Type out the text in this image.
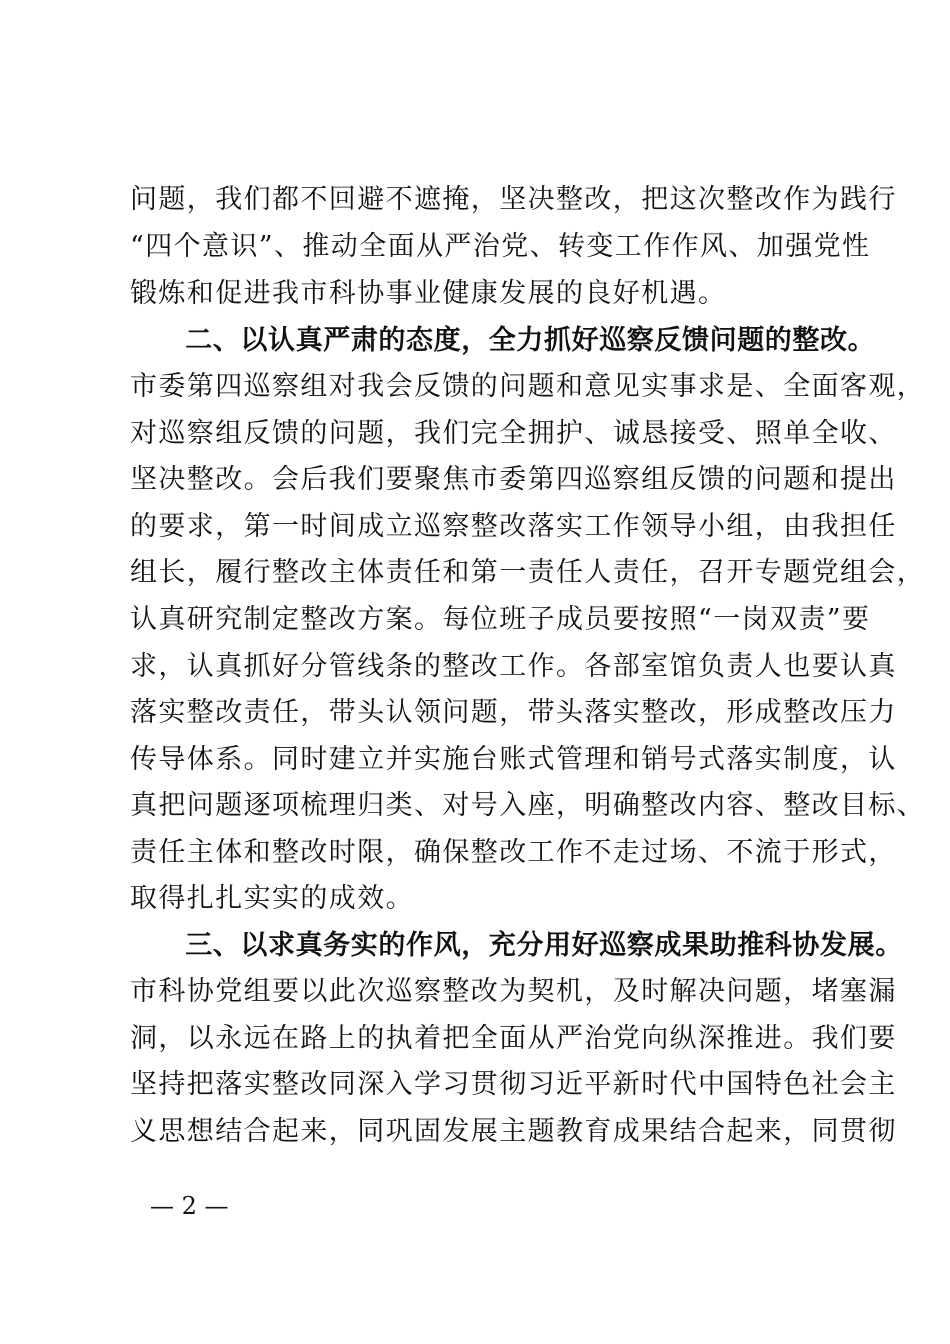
问题，我们都不回避不遮掩，坚决整改，把这次整改作为践行
“四个意识”、推动全面从严治党、转变工作作风、加强党性
锻炼和促进我市科协事业健康发展的良好机遇。
　　二、以认真严肃的态度，全力抓好巡察反馈问题的整改。
市委第四巡察组对我会反馈的问题和意见实事求是、全面客观，
对巡察组反馈的问题，我们完全拥护、诚恳接受、照单全收、
坚决整改。会后我们要聚焦市委第四巡察组反馈的问题和提出
的要求，第一时间成立巡察整改落实工作领导小组，由我担任
组长，履行整改主体责任和第一责任人责任，召开专题党组会，
认真研究制定整改方案。每位班子成员要按照“一岗双责”要
求，认真抓好分管线条的整改工作。各部室馆负责人也要认真
落实整改责任，带头认领问题，带头落实整改，形成整改压力
传导体系。同时建立并实施台账式管理和销号式落实制度，认
真把问题逐项梳理归类、对号入座，明确整改内容、整改目标、
责任主体和整改时限，确保整改工作不走过场、不流于形式，
取得扎扎实实的成效。
　　三、以求真务实的作风，充分用好巡察成果助推科协发展。
市科协党组要以此次巡察整改为契机，及时解决问题，堵塞漏
洞，以永远在路上的执着把全面从严治党向纵深推进。我们要
坚持把落实整改同深入学习贯彻习近平新时代中国特色社会主
义思想结合起来，同巩固发展主题教育成果结合起来，同贯彻
— 2 —
